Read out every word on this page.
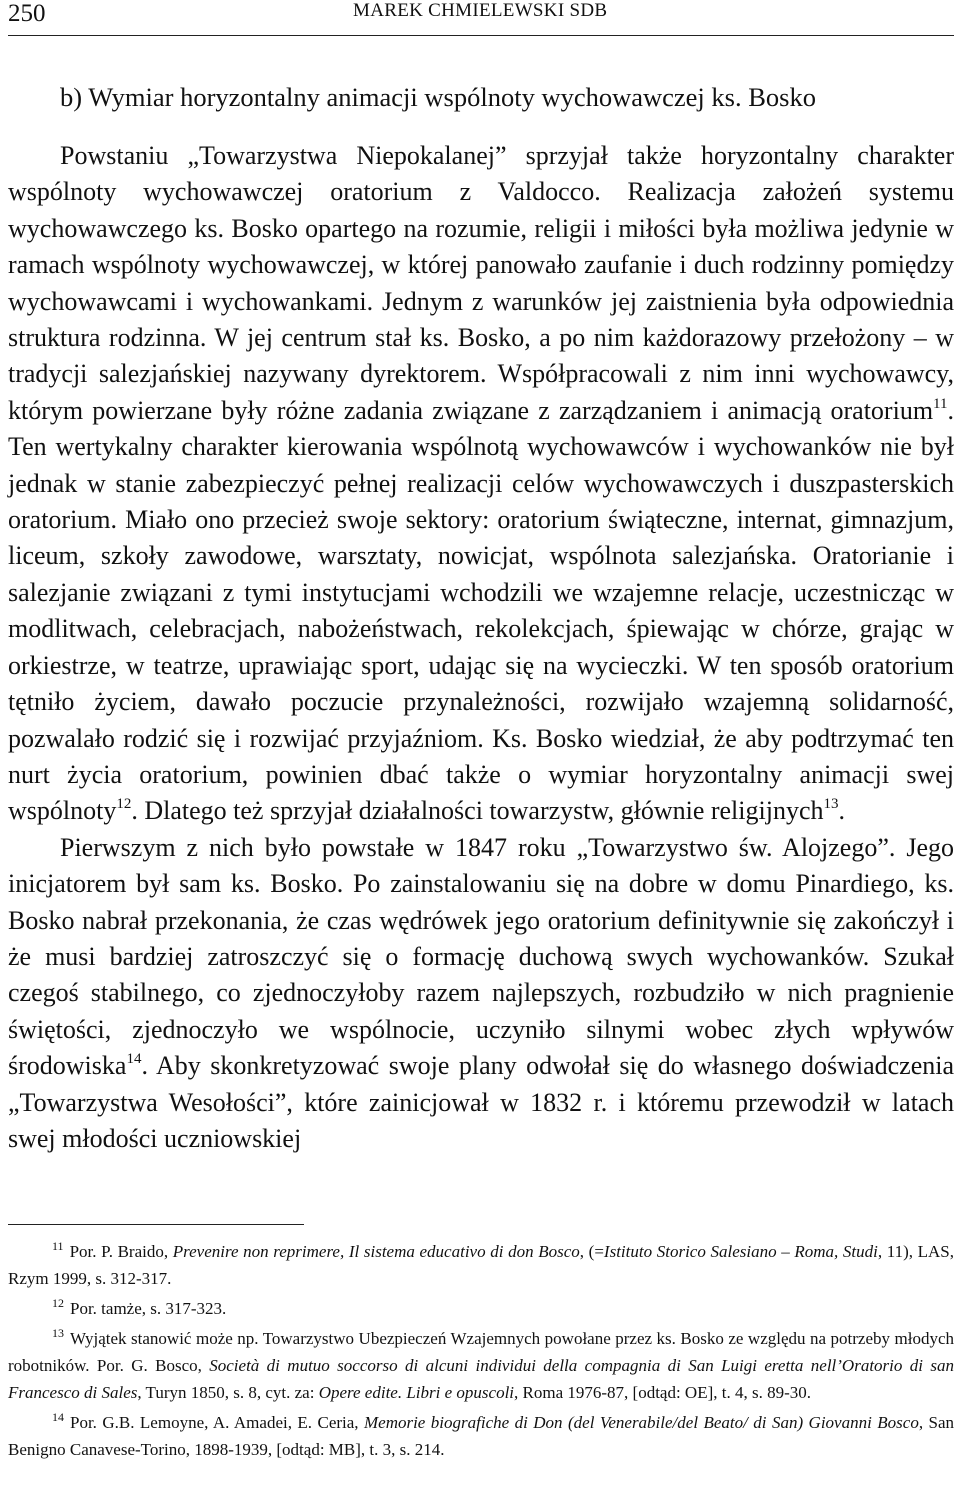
250	MAREK CHMIELEWSKI SDB
b) Wymiar horyzontalny animacji wspólnoty wychowawczej ks. Bosko

Powstaniu „Towarzystwa Niepokalanej” sprzyjał także horyzontalny charakter wspólnoty wychowawczej oratorium z Valdocco. Realizacja założeń systemu wychowawczego ks. Bosko opartego na rozumie, religii i miłości była możliwa jedynie w ramach wspólnoty wychowawczej, w której panowało zaufanie i duch rodzinny pomiędzy wychowawcami i wychowankami. Jednym z warunków jej zaistnienia była odpowiednia struktura rodzinna. W jej centrum stał ks. Bosko, a po nim każdorazowy przełożony – w tradycji salezjańskiej nazywany dyrektorem. Współpracowali z nim inni wychowawcy, którym powierzane były różne zadania związane z zarządzaniem i animacją oratorium$^{11}$. Ten wertykalny charakter kierowania wspólnotą wychowawców i wychowanków nie był jednak w stanie zabezpieczyć pełnej realizacji celów wychowawczych i duszpasterskich oratorium. Miało ono przecież swoje sektory: oratorium świąteczne, internat, gimnazjum, liceum, szkoły zawodowe, warsztaty, nowicjat, wspólnota salezjańska. Oratorianie i salezjanie związani z tymi instytucjami wchodzili we wzajemne relacje, uczestnicząc w modlitwach, celebracjach, nabożeństwach, rekolekcjach, śpiewając w chórze, grając w orkiestrze, w teatrze, uprawiając sport, udając się na wycieczki. W ten sposób oratorium tętniło życiem, dawało poczucie przynależności, rozwijało wzajemną solidarność, pozwalało rodzić się i rozwijać przyjaźniom. Ks. Bosko wiedział, że aby podtrzymać ten nurt życia oratorium, powinien dbać także o wymiar horyzontalny animacji swej wspólnoty$^{12}$. Dlatego też sprzyjał działalności towarzystw, głównie religijnych$^{13}$.

Pierwszym z nich było powstałe w 1847 roku „Towarzystwo św. Alojzego”. Jego inicjatorem był sam ks. Bosko. Po zainstalowaniu się na dobre w domu Pinardiego, ks. Bosko nabrał przekonania, że czas wędrówek jego oratorium definitywnie się zakończył i że musi bardziej zatroszczyć się o formację duchową swych wychowanków. Szukał czegoś stabilnego, co zjednoczyłoby razem najlepszych, rozbudziło w nich pragnienie świętości, zjednoczyło we wspólnocie, uczyniło silnymi wobec złych wpływów środowiska$^{14}$. Aby skonkretyzować swoje plany odwołał się do własnego doświadczenia „Towarzystwa Wesołości”, które zainicjował w 1832 r. i któremu przewodził w latach swej młodości uczniowskiej

$^{11}$ Por. P. Braido, Prevenire non reprimere, Il sistema educativo di don Bosco, (=Istituto Storico Salesiano – Roma, Studi, 11), LAS, Rzym 1999, s. 312-317.

$^{12}$ Por. tamże, s. 317-323.

$^{13}$ Wyjątek stanowić może np. Towarzystwo Ubezpieczeń Wzajemnych powołane przez ks. Bosko ze względu na potrzeby młodych robotników. Por. G. Bosco, Società di mutuo soccorso di alcuni individui della compagnia di San Luigi eretta nell’Oratorio di san Francesco di Sales, Turyn 1850, s. 8, cyt. za: Opere edite. Libri e opuscoli, Roma 1976-87, [odtąd: OE], t. 4, s. 89-30.

$^{14}$ Por. G.B. Lemoyne, A. Amadei, E. Ceria, Memorie biografiche di Don (del Venerabile/del Beato/ di San) Giovanni Bosco, San Benigno Canavese-Torino, 1898-1939, [odtąd: MB], t. 3, s. 214.
